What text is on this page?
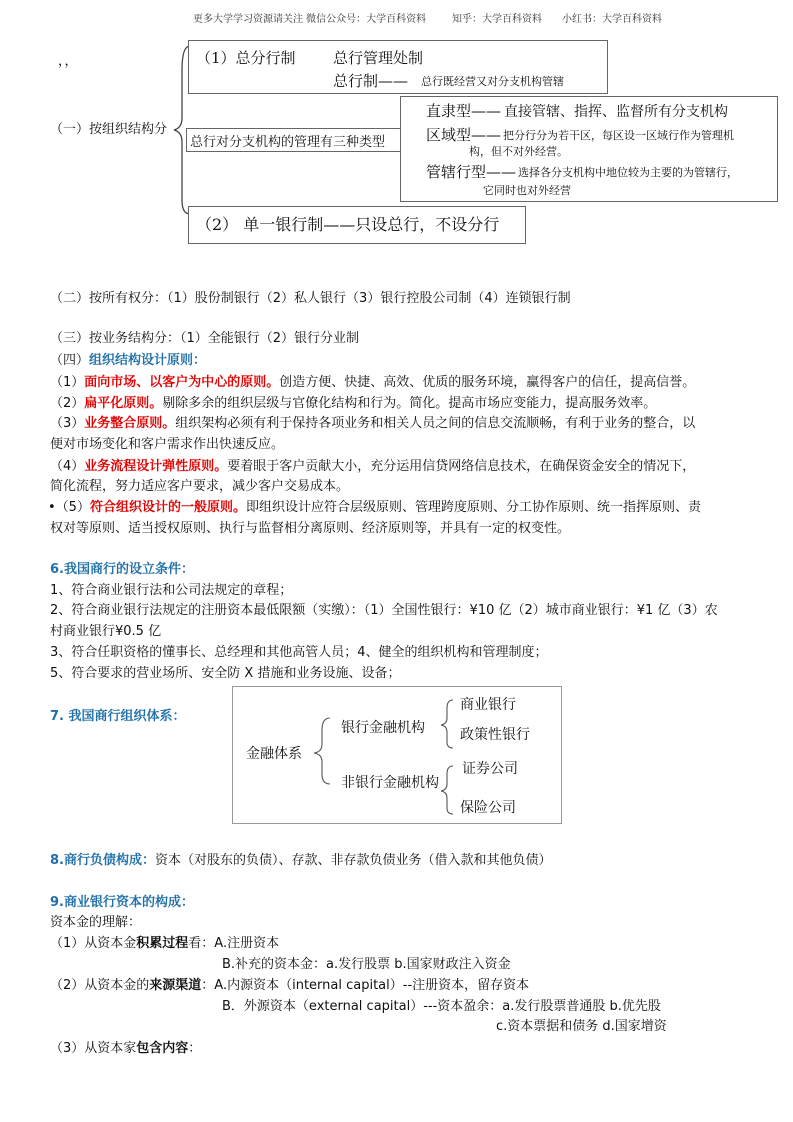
更多大学学习资源请关注 微信公众号：大学百科资料	知乎：大学百科资料 小红书：大学百科资料
，，
（一）按组织结构分
（1）总分行制 总行管理处制
总行制—— 总行既经营又对分支机构管辖
总行对分支机构的管理有三种类型
直隶型—— 直接管辖、指挥、监督所有分支机构
区域型—— 把分行分为若干区，每区设一区域行作为管理机
构，但不对外经营。
管辖行型—— 选择各分支机构中地位较为主要的为管辖行，
它同时也对外经营
（2） 单一银行制——只设总行，不设分行
（二）按所有权分：（1）股份制银行（2）私人银行（3）银行控股公司制（4）连锁银行制
（三）按业务结构分：（1）全能银行（2）银行分业制
（四）组织结构设计原则：
（1）面向市场、以客户为中心的原则。创造方便、快捷、高效、优质的服务环境，赢得客户的信任，提高信誉。
（2）扁平化原则。剔除多余的组织层级与官僚化结构和行为。简化。提高市场应变能力，提高服务效率。
（3）业务整合原则。组织架构必须有利于保持各项业务和相关人员之间的信息交流顺畅，有利于业务的整合，以
便对市场变化和客户需求作出快速反应。
（4）业务流程设计弹性原则。要着眼于客户贡献大小，充分运用信贷网络信息技术，在确保资金安全的情况下，
简化流程，努力适应客户要求，减少客户交易成本。
•（5）符合组织设计的一般原则。即组织设计应符合层级原则、管理跨度原则、分工协作原则、统一指挥原则、责
权对等原则、适当授权原则、执行与监督相分离原则、经济原则等，并具有一定的权变性。
6.我国商行的设立条件：
1、符合商业银行法和公司法规定的章程；
2、符合商业银行法规定的注册资本最低限额（实缴）：（1）全国性银行：¥10 亿（2）城市商业银行：¥1 亿（3）农
村商业银行¥0.5 亿
3、符合任职资格的懂事长、总经理和其他高管人员；4、健全的组织机构和管理制度；
5、符合要求的营业场所、安全防 X 措施和业务设施、设备；
7. 我国商行组织体系：
金融体系
银行金融机构
非银行金融机构
商业银行
政策性银行
证券公司
保险公司
8.商行负债构成：资本（对股东的负债）、存款、非存款负债业务（借入款和其他负债）
9.商业银行资本的构成：
资本金的理解：
（1）从资本金积累过程看：A.注册资本
B.补充的资本金：a.发行股票 b.国家财政注入资金
（2）从资本金的来源渠道：A.内源资本（internal capital）--注册资本，留存资本
B．外源资本（external capital）---资本盈余：a.发行股票普通股 b.优先股
c.资本票据和债务 d.国家增资
（3）从资本家包含内容：
